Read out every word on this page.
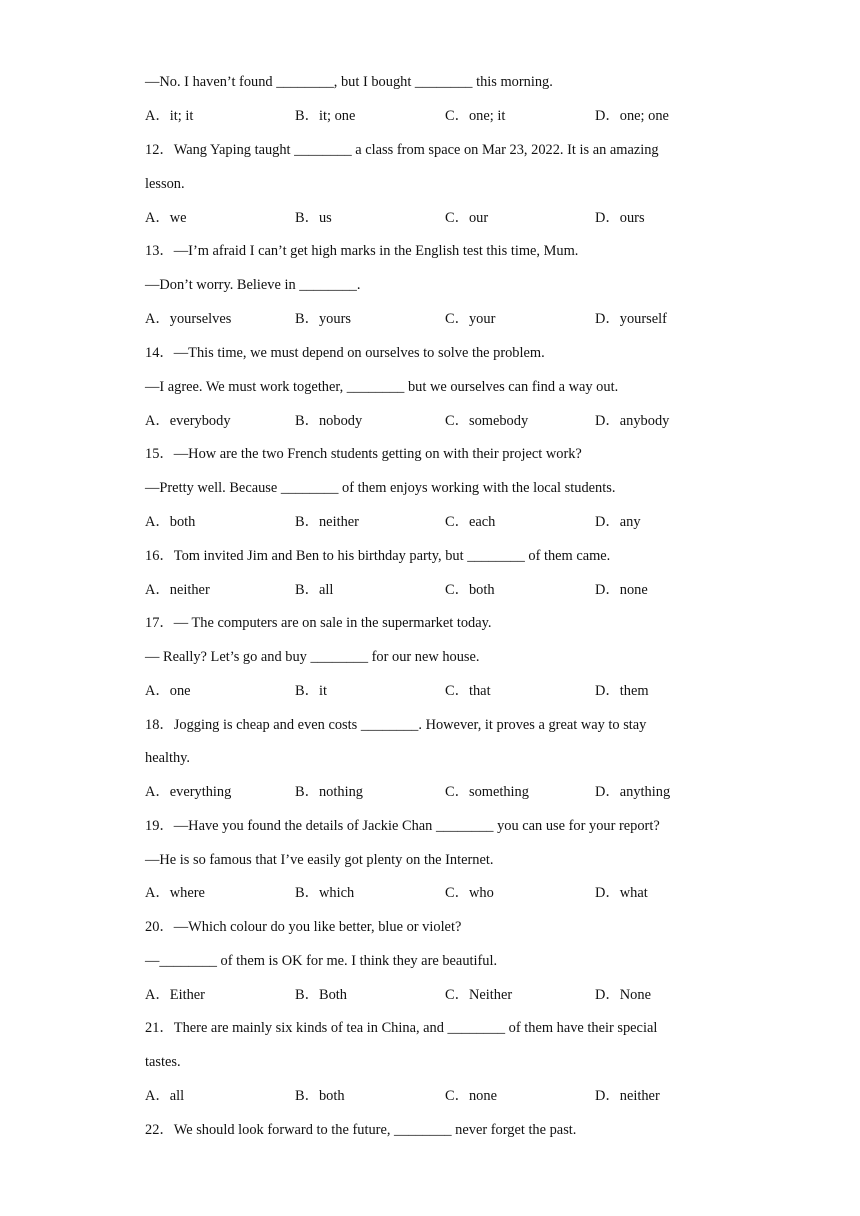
—No. I haven’t found ________, but I bought ________ this morning.
A．it; it	B．it; one	C．one; it	D．one; one
12．Wang Yaping taught ________ a class from space on Mar 23, 2022. It is an amazing
lesson.
A．we	B．us	C．our	D．ours
13．—I’m afraid I can’t get high marks in the English test this time, Mum.
—Don’t worry. Believe in ________.
A．yourselves	B．yours	C．your	D．yourself
14．—This time, we must depend on ourselves to solve the problem.
—I agree. We must work together, ________ but we ourselves can find a way out.
A．everybody	B．nobody	C．somebody	D．anybody
15．—How are the two French students getting on with their project work?
—Pretty well. Because ________ of them enjoys working with the local students.
A．both	B．neither	C．each	D．any
16．Tom invited Jim and Ben to his birthday party, but ________ of them came.
A．neither	B．all	C．both	D．none
17．— The computers are on sale in the supermarket today.
— Really? Let’s go and buy ________ for our new house.
A．one	B．it	C．that	D．them
18．Jogging is cheap and even costs ________. However, it proves a great way to stay
healthy.
A．everything	B．nothing	C．something	D．anything
19．—Have you found the details of Jackie Chan ________ you can use for your report?
—He is so famous that I’ve easily got plenty on the Internet.
A．where	B．which	C．who	D．what
20．—Which colour do you like better, blue or violet?
—________ of them is OK for me. I think they are beautiful.
A．Either	B．Both	C．Neither	D．None
21．There are mainly six kinds of tea in China, and ________ of them have their special
tastes.
A．all	B．both	C．none	D．neither
22．We should look forward to the future, ________ never forget the past.
